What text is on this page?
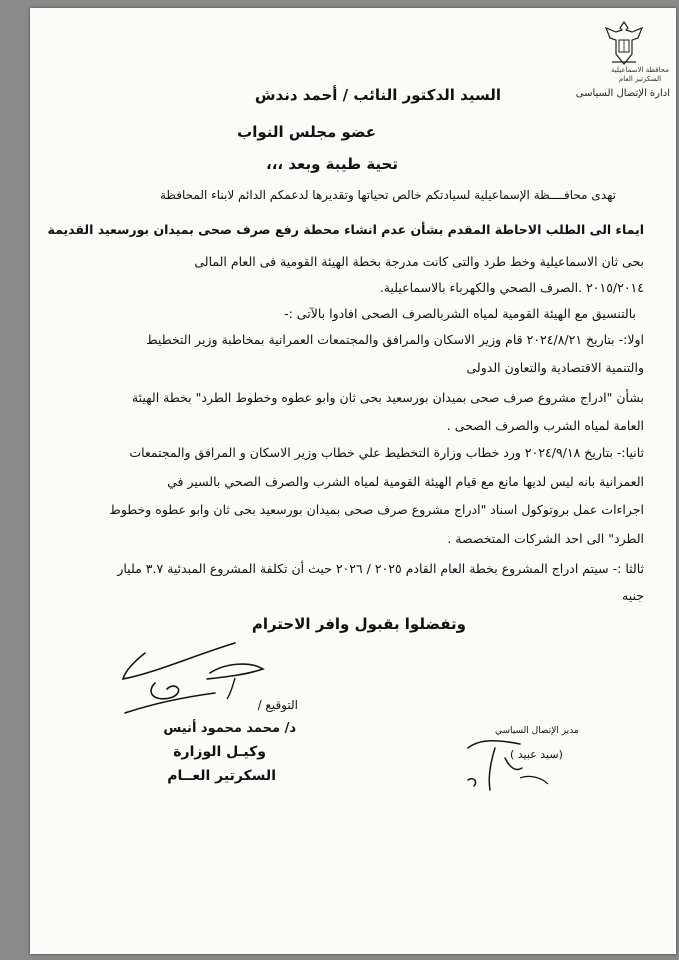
محافظة الاسماعيلية
السكرتير العام
ادارة الإتصال السياسى
السيد الدكتور النائب / أحمد دندش
عضو مجلس النواب
تحية طيبة وبعد ،،،
تهدى محافــــظة الإسماعيلية لسيادتكم خالص تحياتها وتقديرها لدعمكم الدائم لابناء المحافظة
ايماء الى الطلب الاحاطة المقدم بشأن عدم انشاء محطة رفع صرف صحى بميدان بورسعيد القديمة
بحى ثان الاسماعيلية وخط طرد والتى كانت مدرجة بخطة الهيئة القومية فى العام المالى
٢٠١٥/٢٠١٤ .الصرف الصحي والكهرباء بالاسماعيلية.
بالتنسيق مع الهيئة القومية لمياه الشربالصرف الصحى افادوا بالآتى :-
اولا:- بتاريخ ٢٠٢٤/٨/٢١ قام وزير الاسكان والمرافق والمجتمعات العمرانية بمخاطبة وزير التخطيط
والتنمية الاقتصادية والتعاون الدولى
بشأن "ادراج مشروع صرف صحى بميدان بورسعيد بحى ثان وابو عطوه وخطوط الطرد" بخطة الهيئة
العامة لمياه الشرب والصرف الصحى .
ثانيا:- بتاريخ ٢٠٢٤/٩/١٨ ورد خطاب وزارة التخطيط علي خطاب وزير الاسكان و المرافق والمجتمعات
العمرانية بانه ليس لديها مانع مع قيام الهيئة القومية لمياه الشرب والصرف الصحي بالسير في
اجراءات عمل بروتوكول اسناد "ادراج مشروع صرف صحى بميدان بورسعيد بحى ثان وابو عطوه وخطوط
الطرد" الى احد الشركات المتخصصة .
ثالثا :- سيتم ادراج المشروع بخطة العام القادم ٢٠٢٥ / ٢٠٢٦ حيث أن تكلفة المشروع المبدئية ٣.٧ مليار
جنيه
وتفضلوا بقبول وافر الاحترام
التوقيع /
د/ محمد محمود أنيس
وكيـل الوزارة
السكرتير العــام
مدير الإتصال السياسي
(سيد عبيد )
